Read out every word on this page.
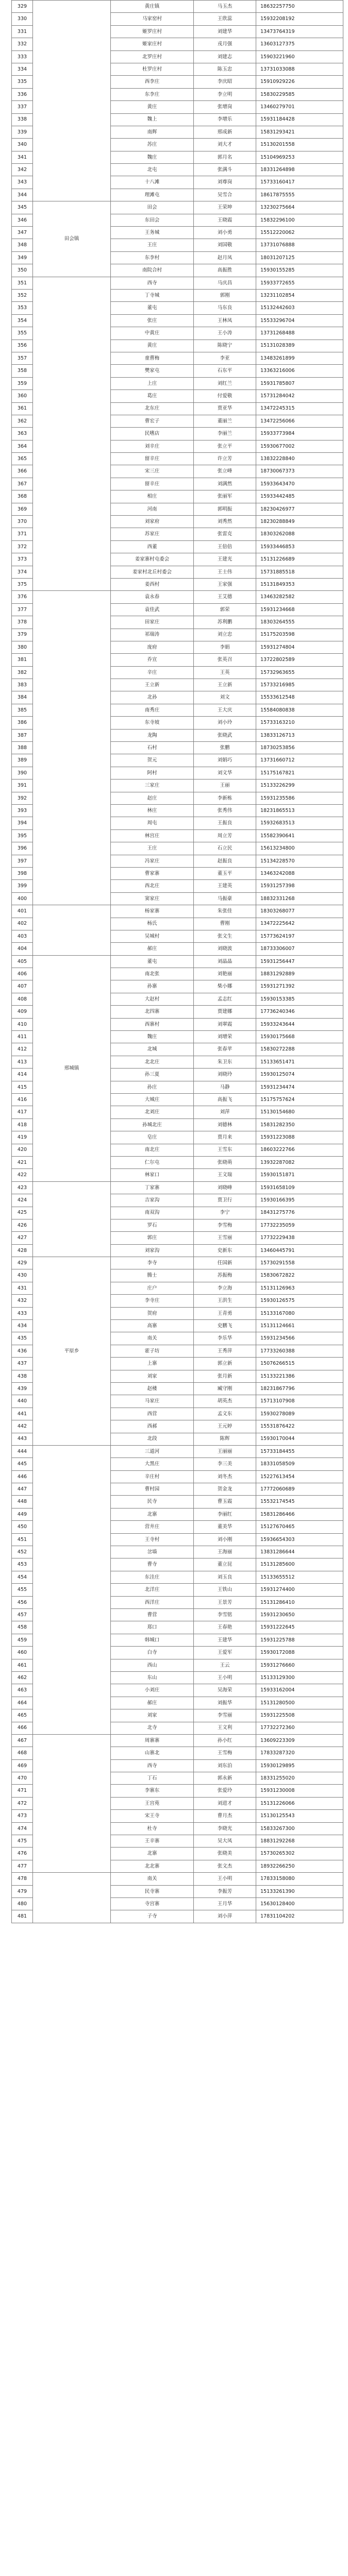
329		黄庄镇	马玉杰	18632257750
330		马家窑村	王欣蕊	15932208192
331		姬罗庄村	刘建华	13473764319
332		姬家庄村	戎月强	13603127375
333		北罗庄村	刘建志	15903221960
334		杜罗庄村	陈玉忠	13731033088
335		西李庄	李庆昭	15910929226
336		东李庄	李立明	15830229585
337		黄庄	张增岗	13460279701
338		魏上	李增乐	15931184428
339		南辉	邢成新	15831293421
340		苏庄	刘大才	15130201558
341		魏庄	郭月名	15104969253
342		北屯	张满斗	18331264898
343		十八滩	刘尊岗	15733160417
344		理滩屯	吴雪合	18617875555
345	田会镇	田会	王荣坤	13230275664
346		东田会	王晓霞	15832296100
347		王务城	刘小勇	15512220062
348		王庄	刘国敬	13731076888
349		东李村	赵月凤	18031207125
350		南院合村	高振胜	15930155285
351		西寺	马庆昌	15933772655
352		丁寺城	郭刚	13231102854
353		董屯	马东良	15132442603
354		张庄	王林凤	15533296704
355		中黄庄	王小涛	13731268488
356		黄庄	陈晓宁	15131028389
357		童曹梅	李亚	13483261899
358		樊家屯	石东平	13363216006
359		上庄	刘红兰	15931785807
360		葛庄	付爱敬	15731284042
361		北东庄	贾亚华	13472245315
362		曹宏子	董丽兰	13472256066
363		民嗜店	李丽兰	15933773984
364		刘辛庄	张立平	15930677002
365		留辛庄	许立芳	13832228840
366		宋三庄	张立峰	18730067373
367		留辛庄	刘满然	15933643470
368		相庄	张丽军	15933442485
369		河南	郭明振	18230426977
370		刘家府	刘秀然	18230288849
371		苏家庄	张雷克	18303262088
372		西董	王倍倍	15933446853
373		姜家寨村屯委会	王建光	15131226689
374		姜家村北丘村委会	王士伟	15731885518
375		姜西村	王家强	15131849353
376		袁永春	王艾德	13463282582
377		袁佳武	郭荣	15931234668
378		田家庄	苏利鹏	18303264555
379		祁瑞涛	刘立忠	15175203598
380		庞府	李娟	15931274804
381		乔宣	张英召	13722802589
382		辛庄	王英	15732963655
383		王立新	王立新	15733216985
384		北孙	刘文	15533612548
385		南秀庄	王大庆	15584080838
386		东寺坡	刘小玲	15733163210
387		龙陶	张晓武	13833126713
388		石村	张鹏	18730253856
389		贺元	刘娟巧	13731660712
390		阿村	刘文华	15175167821
391		三家庄	王丽	15133226299
392		赵庄	李新栋	15931235586
393		林庄	张秀伟	18231865513
394		周屯	王振良	15932683513
395		林宫庄	周立芳	15582390641
396		王庄	石立民	15613234800
397		冯家庄	赵振良	15134228570
398		曹家寨	董玉平	13463242088
399		西北庄	王建英	15931257398
400		窦家庄	马振豪	18832331268
401		杨家寨	朱张佳	18303268077
402		杨氏	曹刚	13472225642
403		吴城村	张文生	15773624197
404		郝庄	刘晓波	18733306007
405	邢城镇	董屯	刘晶晶	15931256447
406		南北张	刘艳丽	18831292889
407		孙寨	柴小娜	15931271392
408		大赵村	孟志红	15930153385
409		北四寨	贾建娜	17736240346
410		西寨村	刘翠霞	15933243644
411		魏庄	刘增荣	15930175668
412		北城	张春苹	15830272288
413		北北庄	朱卫东	15133651471
414		孙三夏	刘晓玲	15930125074
415		孙庄	马静	15931234474
416		大城庄	高振飞	15175757624
417		北刘庄	刘萍	15130154680
418		孙城北庄	刘德林	15831282350
419		皂庄	贾月来	15931223088
420		南北庄	王雪东	18603222766
421		仁尔屯	张晓萌	13932287082
422		林家口	王文瑞	15930151871
423		丁家寨	刘晓峰	15931658109
424		吉家沟	贾卫行	15930166395
425		南双沟	李宁	18431275776
426		罗石	李雪梅	17732235059
427		郭庄	王雪丽	17732229438
428		刘家沟	史新东	13460445791
429	平原乡	李寺	任国新	15730291558
430		腾士	苏振梅	15830672822
431		庄户	李立海	15131126963
432		李寺庄	王洪生	15930126575
433		贺府	王青勇	15133167080
434		高寨	史鹏飞	15131124661
435		南关	李乐华	15931234566
436		霍子坊	王秀萍	17733260388
437		上寨	郭立新	15076266515
438		刘家	张月新	15133221386
439		赵楼	臧守刚	18231867796
440		马家庄	胡英杰	15713107908
441		西营	孟文东	15930278089
442		西郝	王元婷	15531876422
443		北段	陈辉	15930170044
444		三道河	王丽丽	15733184455
445		大黑庄	李三美	18331058509
446		辛庄村	刘冬杰	15227613454
447		曹村园	贺金龙	17772060689
448		民寺	曹玉霞	15532174545
449		北寨	李丽红	15831286466
450		营井庄	董美华	15127670465
451		王寺村	刘小刚	15936654303
452		岔墙	王海丽	13831286644
453		曹寺	董立昆	15131285600
454		东洼庄	刘玉良	15133655512
455		北洋庄	王铁山	15931274400
456		西洋庄	王景芳	15131286410
457		曹营	李雪铭	15931230650
458		郑口	王春艳	15931222645
459		韩城口	王建华	15931225788
460		白寺	王爱军	15930172088
461		西山	王云	15931276660
462		东山	王小明	15133129300
463		小刘庄	吴海荣	15933162004
464		郝庄	刘振华	15131280500
465		刘家	李雪丽	15931225508
466		北寺	王文利	17732272360
467		周寨寨	孙小红	13609223309
468		山寨北	王雪梅	17833287320
469		西寺	刘东泊	15930129895
470		丁石	郭永新	18331255020
471		李寨东	张爱玲	15931230008
472		王宫苑	刘进才	15131226066
473		宋王寺	曹月杰	15130125543
474		杜寺	李晓光	15833267300
475		王辛寨	吴大凤	18831292268
476		北寨	张晓美	15730265302
477		北北寨	张文杰	18932266250
478		南关	王小明	17833158080
479		民寺寨	李振芳	15133261390
480		寺宫寨	王月华	15630128400
481		子寺	刘小萍	17831104202
